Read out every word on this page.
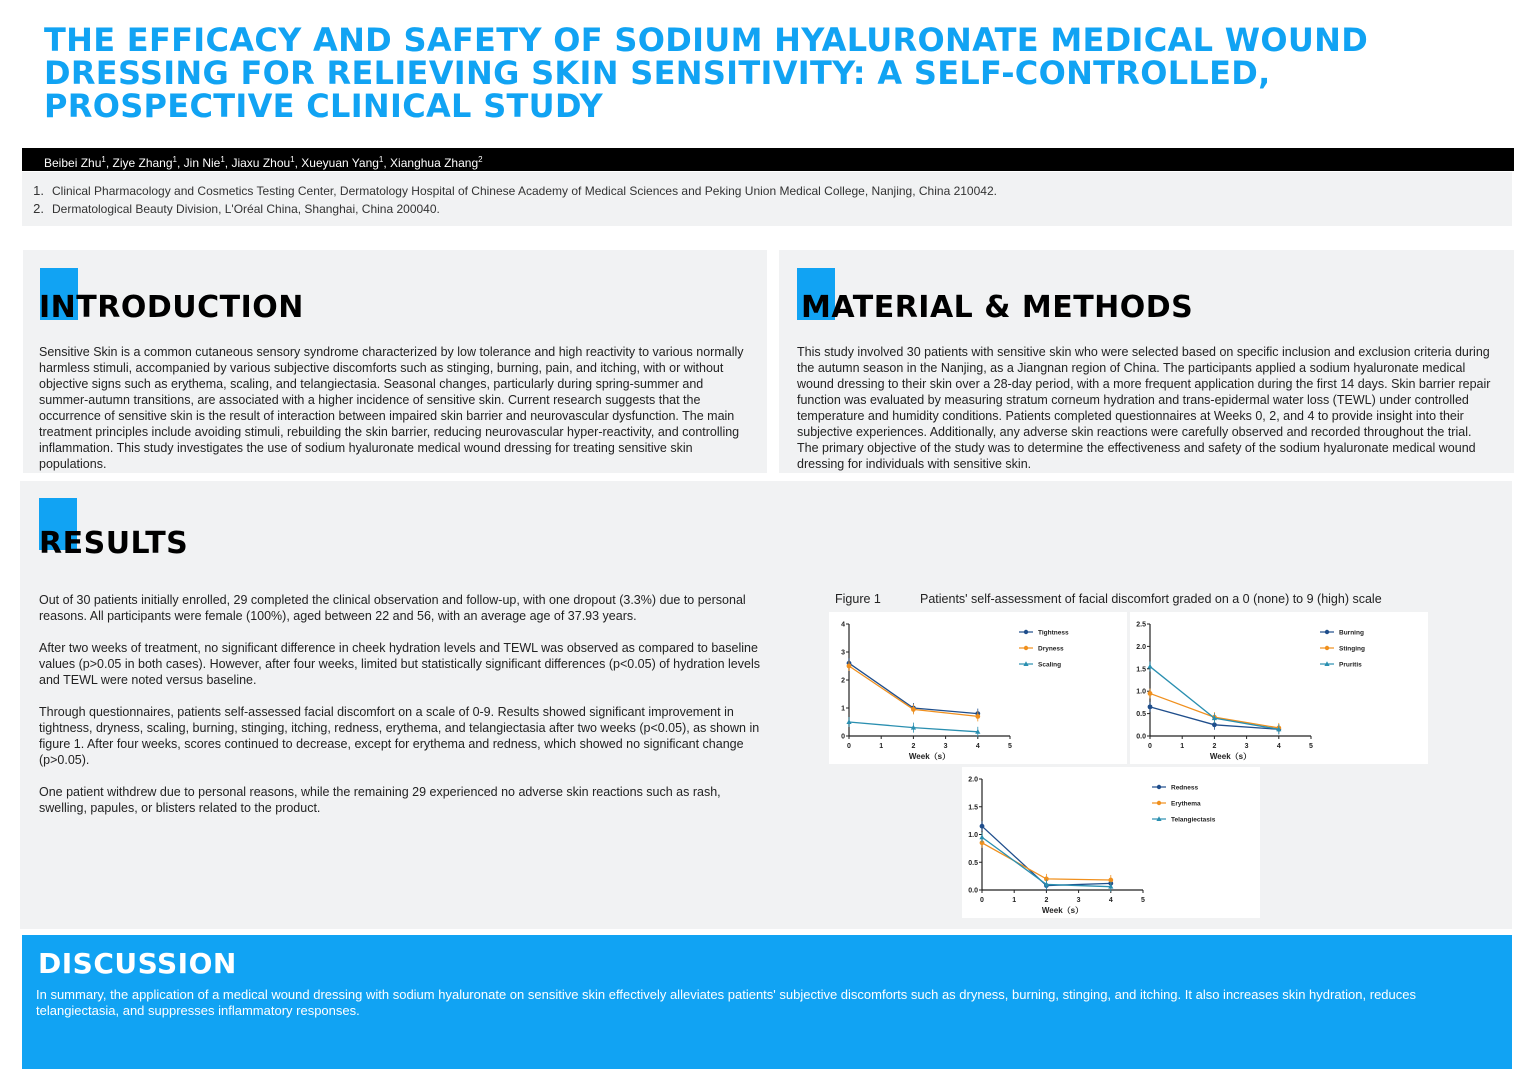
THE EFFICACY AND SAFETY OF SODIUM HYALURONATE MEDICAL WOUND DRESSING FOR RELIEVING SKIN SENSITIVITY: A SELF-CONTROLLED, PROSPECTIVE CLINICAL STUDY
Beibei Zhu$^1$, Ziye Zhang$^1$, Jin Nie$^1$, Jiaxu Zhou$^1$, Xueyuan Yang$^1$, Xianghua Zhang$^2$
1. Clinical Pharmacology and Cosmetics Testing Center, Dermatology Hospital of Chinese Academy of Medical Sciences and Peking Union Medical College, Nanjing, China 210042.
2. Dermatological Beauty Division, L'Oréal China, Shanghai, China 200040.
INTRODUCTION
Sensitive Skin is a common cutaneous sensory syndrome characterized by low tolerance and high reactivity to various normally harmless stimuli, accompanied by various subjective discomforts such as stinging, burning, pain, and itching, with or without objective signs such as erythema, scaling, and telangiectasia. Seasonal changes, particularly during spring-summer and summer-autumn transitions, are associated with a higher incidence of sensitive skin. Current research suggests that the occurrence of sensitive skin is the result of interaction between impaired skin barrier and neurovascular dysfunction. The main treatment principles include avoiding stimuli, rebuilding the skin barrier, reducing neurovascular hyper-reactivity, and controlling inflammation. This study investigates the use of sodium hyaluronate medical wound dressing for treating sensitive skin populations.
MATERIAL & METHODS
This study involved 30 patients with sensitive skin who were selected based on specific inclusion and exclusion criteria during the autumn season in the Nanjing, as a Jiangnan region of China. The participants applied a sodium hyaluronate medical wound dressing to their skin over a 28-day period, with a more frequent application during the first 14 days. Skin barrier repair function was evaluated by measuring stratum corneum hydration and trans-epidermal water loss (TEWL) under controlled temperature and humidity conditions. Patients completed questionnaires at Weeks 0, 2, and 4 to provide insight into their subjective experiences. Additionally, any adverse skin reactions were carefully observed and recorded throughout the trial. The primary objective of the study was to determine the effectiveness and safety of the sodium hyaluronate medical wound dressing for individuals with sensitive skin.
RESULTS

Out of 30 patients initially enrolled, 29 completed the clinical observation and follow-up, with one dropout (3.3%) due to personal reasons. All participants were female (100%), aged between 22 and 56, with an average age of 37.93 years.

After two weeks of treatment, no significant difference in cheek hydration levels and TEWL was observed as compared to baseline values (p>0.05 in both cases). However, after four weeks, limited but statistically significant differences (p<0.05) of hydration levels and TEWL were noted versus baseline.

Through questionnaires, patients self-assessed facial discomfort on a scale of 0-9. Results showed significant improvement in tightness, dryness, scaling, burning, stinging, itching, redness, erythema, and telangiectasia after two weeks (p<0.05), as shown in figure 1. After four weeks, scores continued to decrease, except for erythema and redness, which showed no significant change (p>0.05).

One patient withdrew due to personal reasons, while the remaining 29 experienced no adverse skin reactions such as rash, swelling, papules, or blisters related to the product.

Figure 1	Patients' self-assessment of facial discomfort graded on a 0 (none) to 9 (high) scale
0
1
2
3
4
0	1	2	3	4	5
Week（s）
Tightness
Dryness
Scaling
0.0
0.5
1.0
1.5
2.0
2.5
0	1	2	3	4	5
Week（s）
Burning
Stinging
Pruritis
0.0
0.5
1.0
1.5
2.0
0	1	2	3	4	5
Week（s）
Redness
Erythema
Telangiectasis
DISCUSSION
In summary, the application of a medical wound dressing with sodium hyaluronate on sensitive skin effectively alleviates patients' subjective discomforts such as dryness, burning, stinging, and itching. It also increases skin hydration, reduces telangiectasia, and suppresses inflammatory responses.
